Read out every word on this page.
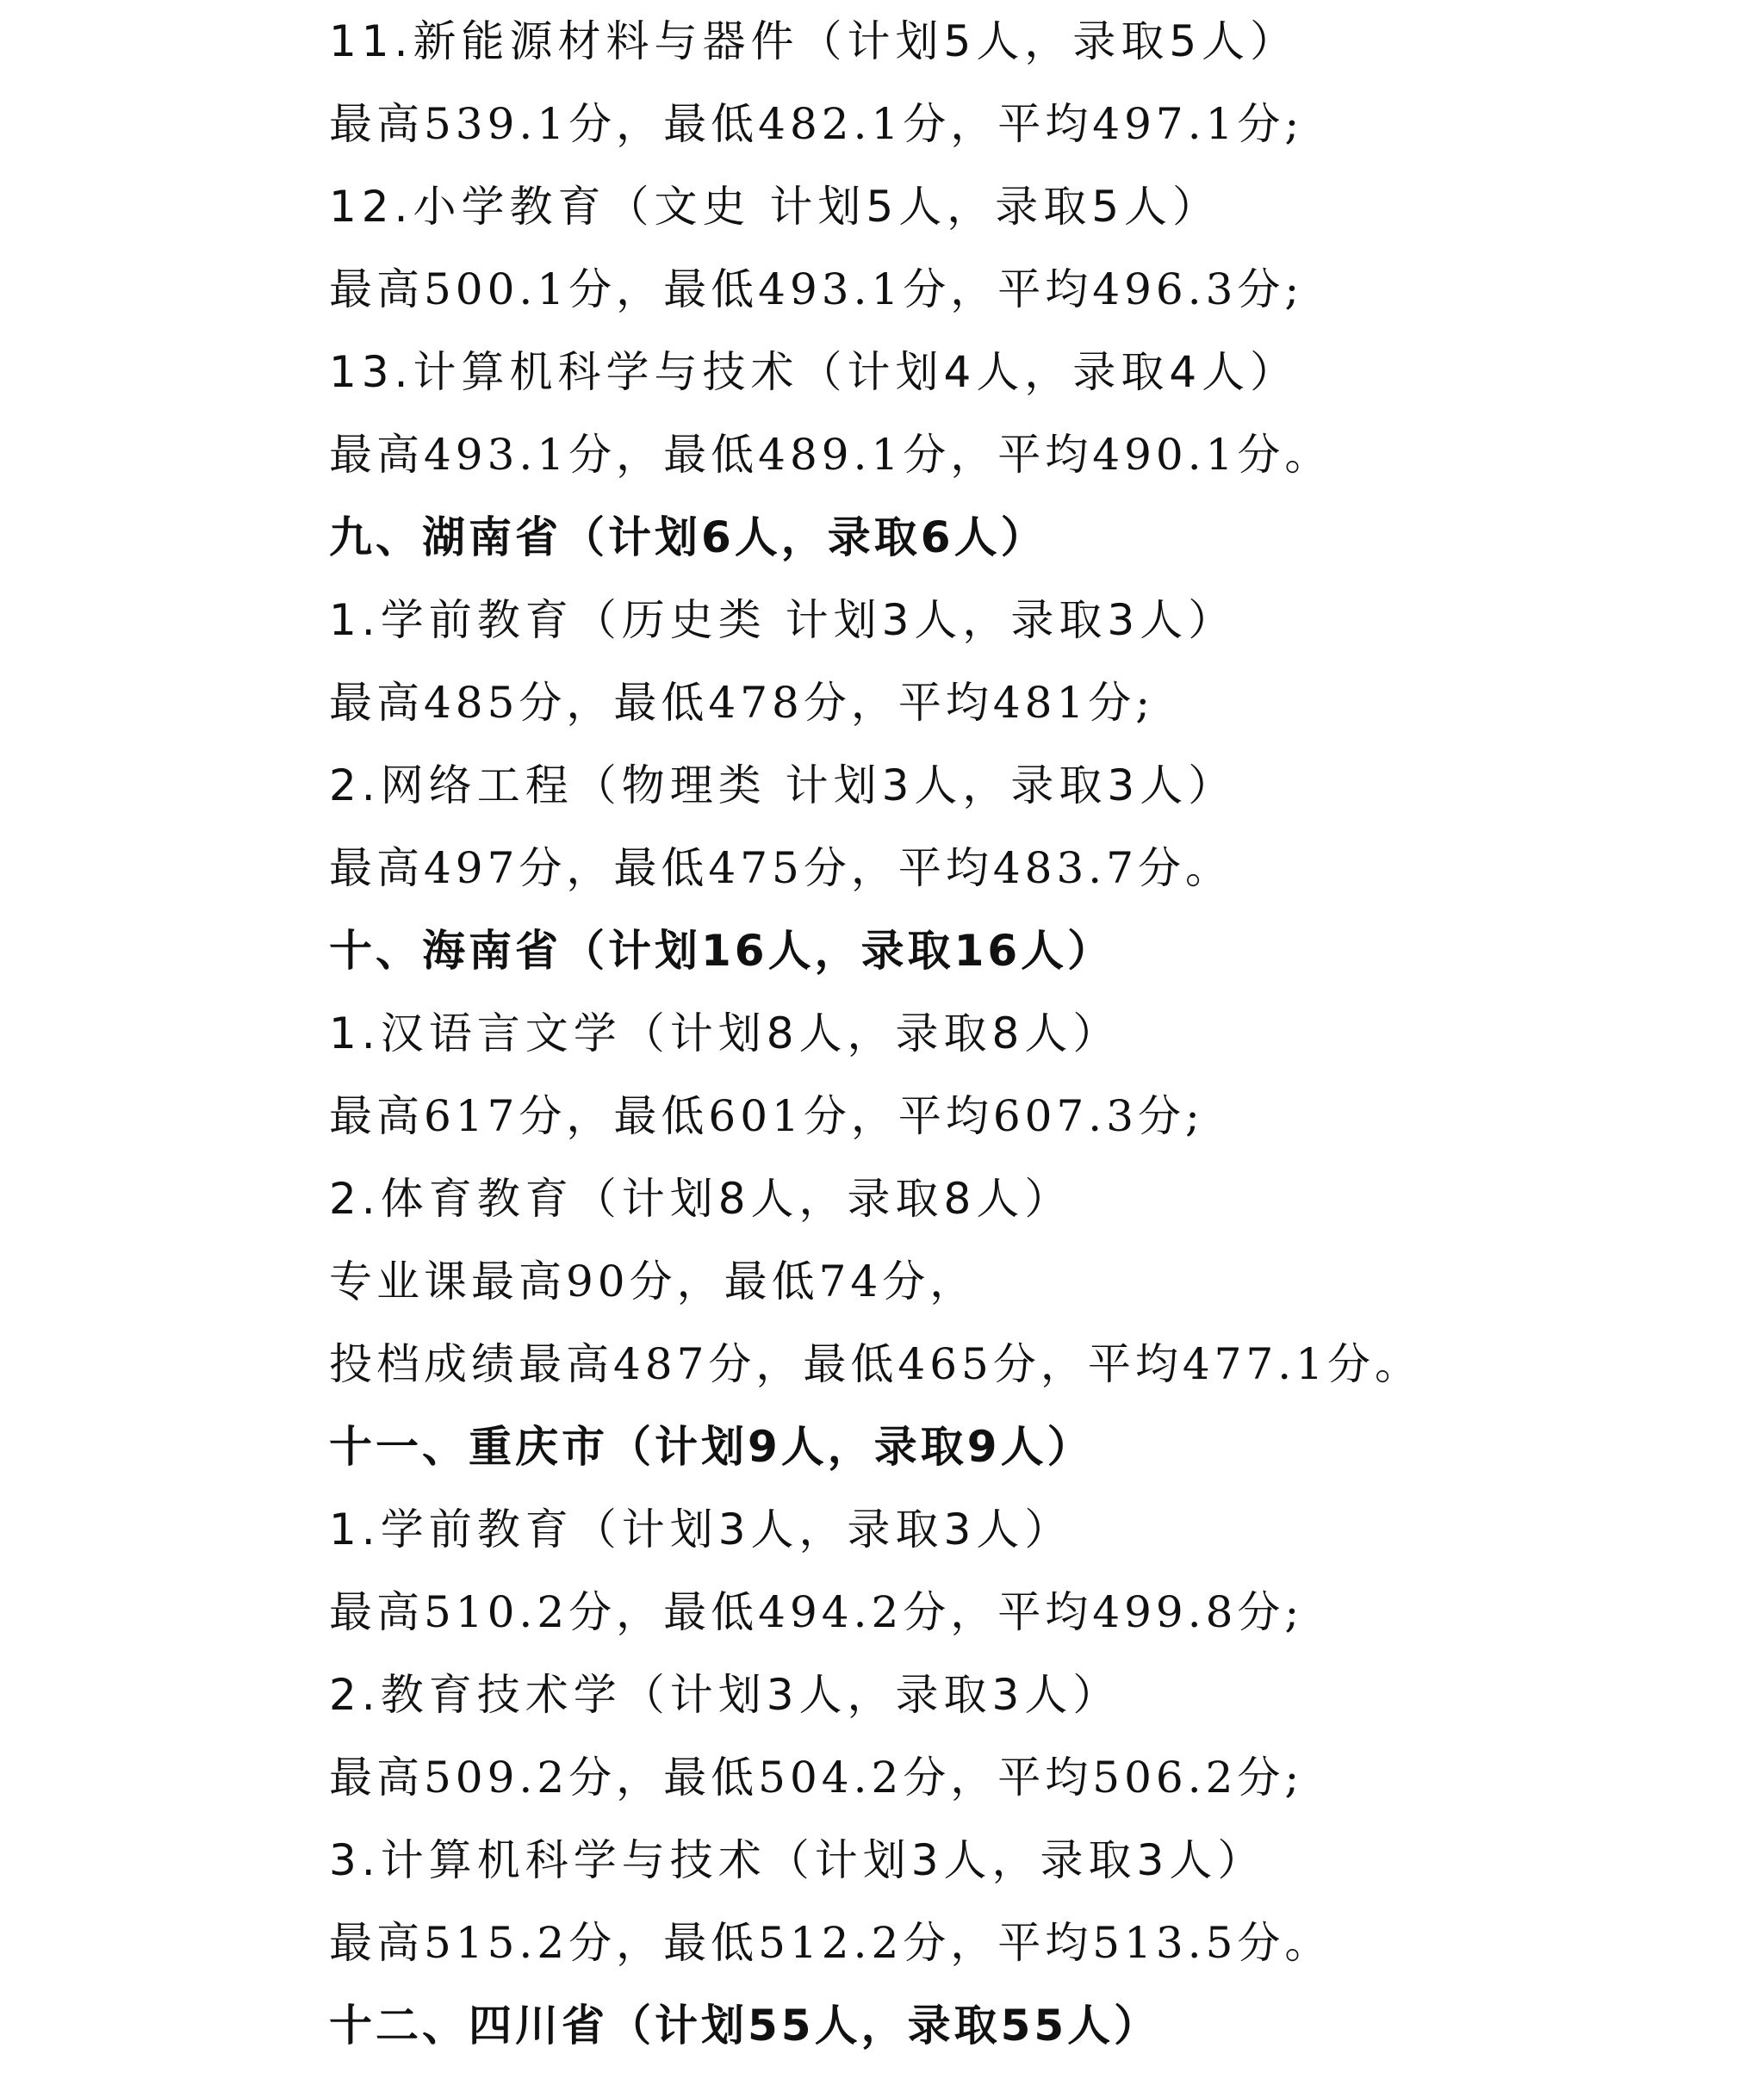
11.新能源材料与器件（计划5人，录取5人）
最高539.1分，最低482.1分，平均497.1分;
12.小学教育（文史 计划5人，录取5人）
最高500.1分，最低493.1分，平均496.3分;
13.计算机科学与技术（计划4人，录取4人）
最高493.1分，最低489.1分，平均490.1分。
九、湖南省（计划6人，录取6人）
1.学前教育（历史类 计划3人，录取3人）
最高485分，最低478分，平均481分;
2.网络工程（物理类 计划3人，录取3人）
最高497分，最低475分，平均483.7分。
十、海南省（计划16人，录取16人）
1.汉语言文学（计划8人，录取8人）
最高617分，最低601分，平均607.3分;
2.体育教育（计划8人，录取8人）
专业课最高90分，最低74分，
投档成绩最高487分，最低465分，平均477.1分。
十一、重庆市（计划9人，录取9人）
1.学前教育（计划3人，录取3人）
最高510.2分，最低494.2分，平均499.8分;
2.教育技术学（计划3人，录取3人）
最高509.2分，最低504.2分，平均506.2分;
3.计算机科学与技术（计划3人，录取3人）
最高515.2分，最低512.2分，平均513.5分。
十二、四川省（计划55人，录取55人）
